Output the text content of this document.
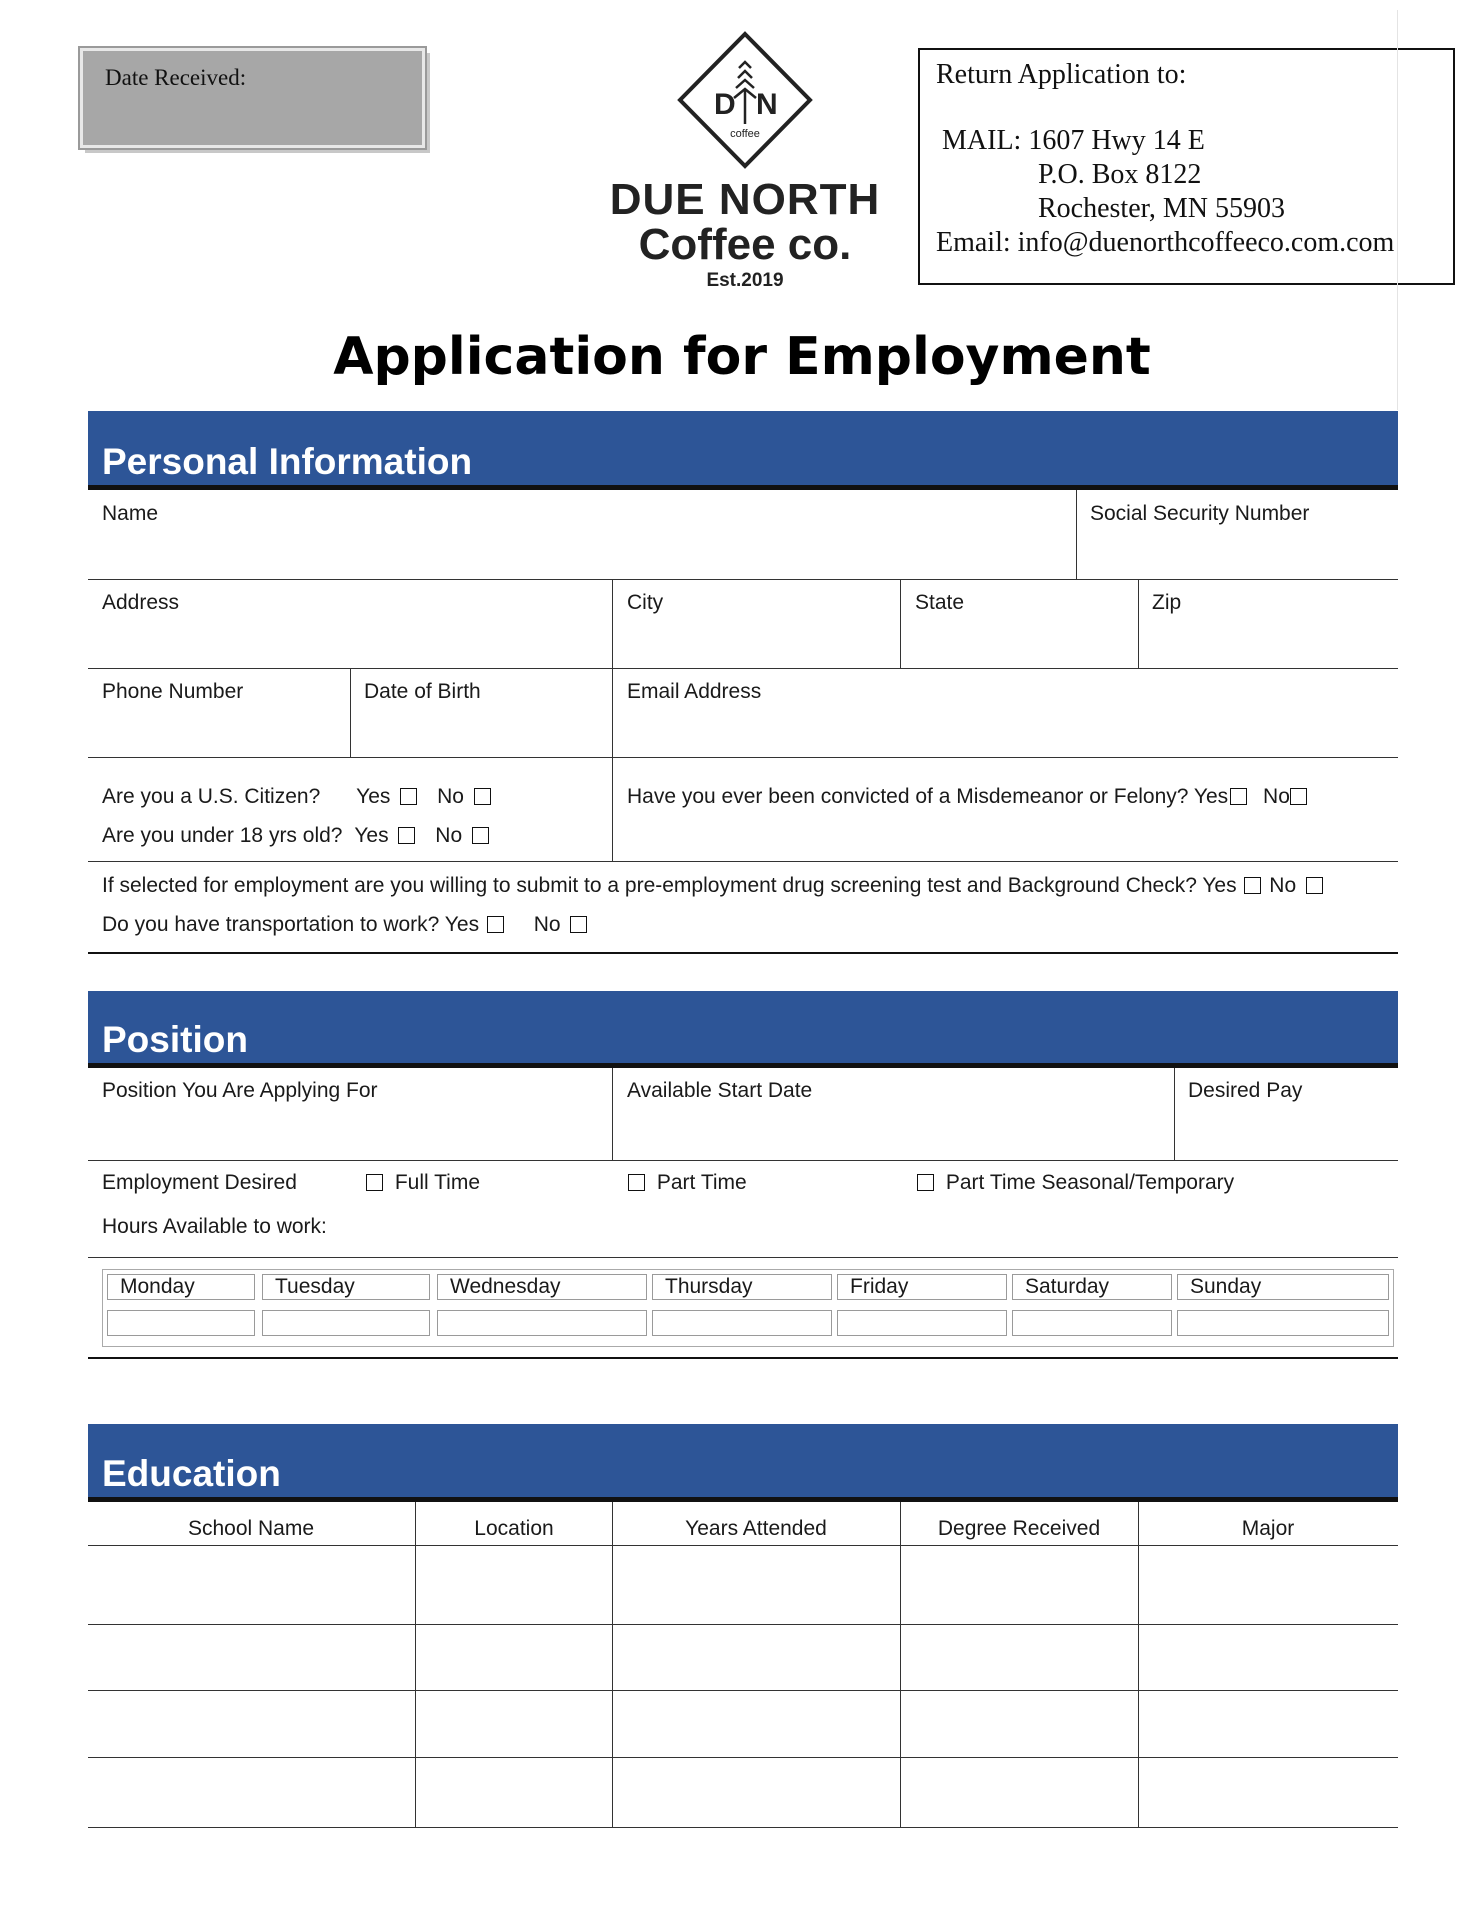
Date Received:
D N
coffee
DUE NORTH
Coffee co.
Est.2019
Return Application to:
MAIL: 1607 Hwy 14 E
P.O. Box 8122
Rochester, MN 55903
Email: info@duenorthcoffeeco.com.com
Application for Employment
Personal Information
Name	Social Security Number
Address	City	State	Zip
Phone Number	Date of Birth	Email Address
Are you a U.S. Citizen? Yes No
Are you under 18 yrs old? Yes No
Have you ever been convicted of a Misdemeanor or Felony? Yes No
If selected for employment are you willing to submit to a pre-employment drug screening test and Background Check? Yes No
Do you have transportation to work? Yes	No
Position
Position You Are Applying For	Available Start Date	Desired Pay
Employment Desired	Full Time	Part Time	Part Time Seasonal/Temporary
Hours Available to work:
Monday	Tuesday	Wednesday	Thursday	Friday	Saturday	Sunday
Education
School Name	Location	Years Attended	Degree Received	Major
